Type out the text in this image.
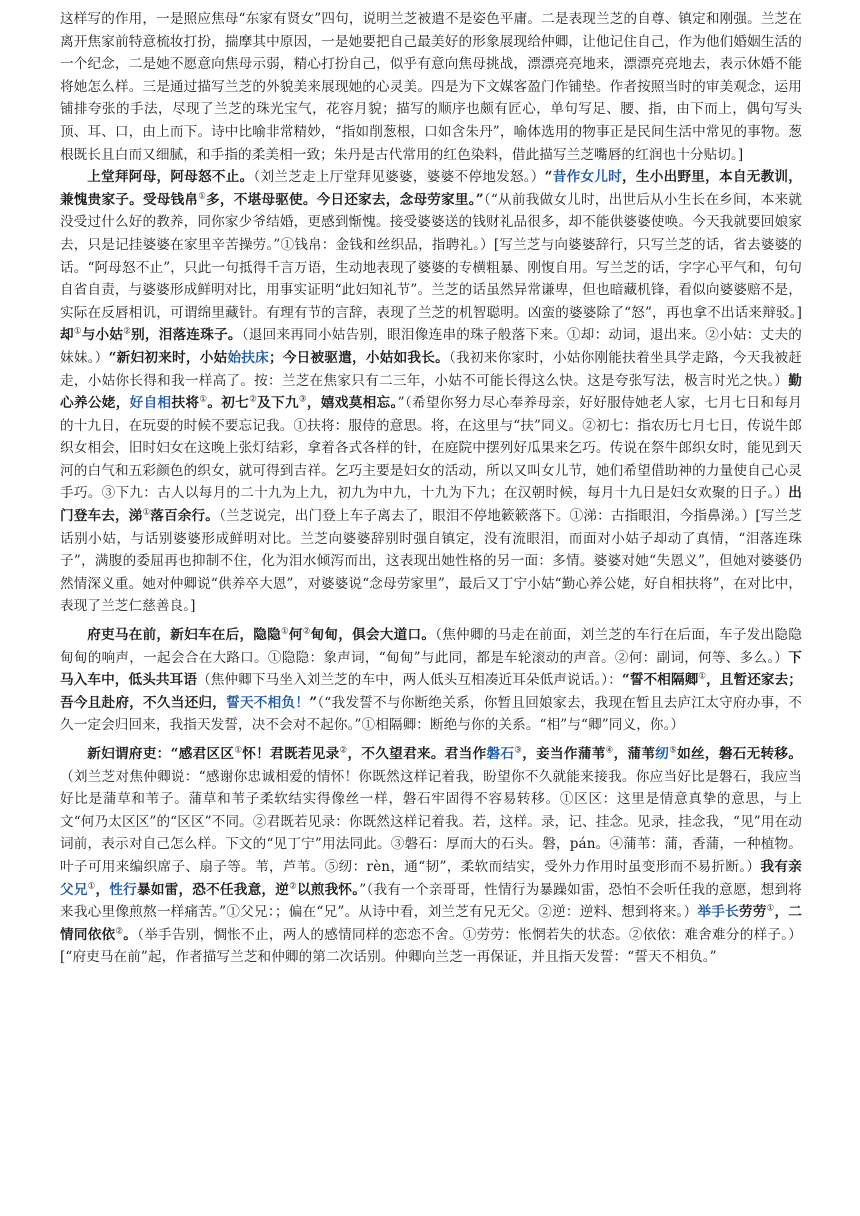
这样写的作用，一是照应焦母“东家有贤女”四句，说明兰芝被遣不是姿色平庸。二是表现兰芝的自尊、镇定和刚强。兰芝在离开焦家前特意梳妆打扮，揣摩其中原因，一是她要把自己最美好的形象展现给仲卿，让他记住自己，作为他们婚姻生活的一个纪念，二是她不愿意向焦母示弱，精心打扮自己，似乎有意向焦母挑战，漂漂亮亮地来，漂漂亮亮地去，表示休婚不能将她怎么样。三是通过描写兰芝的外貌美来展现她的心灵美。四是为下文媒客盈门作铺垫。作者按照当时的审美观念，运用铺排夸张的手法，尽现了兰芝的珠光宝气，花容月貌；描写的顺序也颇有匠心，单句写足、腰、指，由下而上，偶句写头顶、耳、口，由上而下。诗中比喻非常精妙，“指如削葱根，口如含朱丹”，喻体选用的物事正是民间生活中常见的事物。葱根既长且白而又细腻，和手指的柔美相一致；朱丹是古代常用的红色染料，借此描写兰芝嘴唇的红润也十分贴切。]

上堂拜阿母，阿母怒不止。（刘兰芝走上厅堂拜见婆婆，婆婆不停地发怒。）“昔作女儿时，生小出野里，本自无教训，兼愧贵家子。受母钱帛①多，不堪母驱使。今日还家去，念母劳家里。”（“从前我做女儿时，出世后从小生长在乡间，本来就没受过什么好的教养，同你家少爷结婚，更感到惭愧。接受婆婆送的钱财礼品很多，却不能供婆婆使唤。今天我就要回娘家去，只是记挂婆婆在家里辛苦操劳。”①钱帛：金钱和丝织品，指聘礼。）[写兰芝与向婆婆辞行，只写兰芝的话，省去婆婆的话。“阿母怒不止”，只此一句抵得千言万语，生动地表现了婆婆的专横粗暴、刚愎自用。写兰芝的话，字字心平气和，句句自省自责，与婆婆形成鲜明对比，用事实证明“此妇知礼节”。兰芝的话虽然异常谦卑，但也暗藏机锋，看似向婆婆赔不是，实际在反唇相讥，可谓绵里藏针。有理有节的言辞，表现了兰芝的机智聪明。凶蛮的婆婆除了“怒”，再也拿不出话来辩驳。]却①与小姑②别，泪落连珠子。（退回来再同小姑告别，眼泪像连串的珠子般落下来。①却：动词，退出来。②小姑：丈夫的妹妹。）“新妇初来时，小姑始扶床；今日被驱遣，小姑如我长。（我初来你家时，小姑你刚能扶着坐具学走路，今天我被赶走，小姑你长得和我一样高了。按：兰芝在焦家只有二三年，小姑不可能长得这么快。这是夸张写法，极言时光之快。）勤心养公姥，好自相扶将①。初七②及下九③，嬉戏莫相忘。”（希望你努力尽心奉养母亲，好好服侍她老人家，七月七日和每月的十九日，在玩耍的时候不要忘记我。①扶将：服侍的意思。将，在这里与“扶”同义。②初七：指农历七月七日，传说牛郎织女相会，旧时妇女在这晚上张灯结彩，拿着各式各样的针，在庭院中摆列好瓜果来乞巧。传说在祭牛郎织女时，能见到天河的白气和五彩颜色的织女，就可得到吉祥。乞巧主要是妇女的活动，所以又叫女儿节，她们希望借助神的力量使自己心灵手巧。③下九：古人以每月的二十九为上九，初九为中九，十九为下九；在汉朝时候，每月十九日是妇女欢聚的日子。）出门登车去，涕①落百余行。（兰芝说完，出门登上车子离去了，眼泪不停地簌簌落下。①涕：古指眼泪，今指鼻涕。）[写兰芝话别小姑，与话别婆婆形成鲜明对比。兰芝向婆婆辞别时强自镇定，没有流眼泪，而面对小姑子却动了真情，“泪落连珠子”，满腹的委屈再也抑制不住，化为泪水倾泻而出，这表现出她性格的另一面：多情。婆婆对她“失恩义”，但她对婆婆仍然情深义重。她对仲卿说“供养卒大恩”，对婆婆说“念母劳家里”，最后又丁宁小姑“勤心养公姥，好自相扶将”，在对比中，表现了兰芝仁慈善良。]

府吏马在前，新妇车在后，隐隐①何②甸甸，俱会大道口。（焦仲卿的马走在前面，刘兰芝的车行在后面，车子发出隐隐甸甸的响声，一起会合在大路口。①隐隐：象声词，“甸甸”与此同，都是车轮滚动的声音。②何：副词，何等、多么。）下马入车中，低头共耳语（焦仲卿下马坐入刘兰芝的车中，两人低头互相凑近耳朵低声说话。）：“誓不相隔卿①，且暂还家去；吾今且赴府，不久当还归，誓天不相负！”（“我发誓不与你断绝关系，你暂且回娘家去，我现在暂且去庐江太守府办事，不久一定会归回来，我指天发誓，决不会对不起你。”①相隔卿：断绝与你的关系。“相”与“卿”同义，你。）

新妇谓府吏：“感君区区①怀！君既若见录②，不久望君来。君当作磐石③，妾当作蒲苇④，蒲苇纫⑤如丝，磐石无转移。（刘兰芝对焦仲卿说：“感谢你忠诚相爱的情怀！你既然这样记着我，盼望你不久就能来接我。你应当好比是磐石，我应当好比是蒲草和苇子。蒲草和苇子柔软结实得像丝一样，磐石牢固得不容易转移。①区区：这里是情意真挚的意思，与上文“何乃太区区”的“区区”不同。②君既若见录：你既然这样记着我。若，这样。录，记、挂念。见录，挂念我，“见”用在动词前，表示对自己怎么样。下文的“见丁宁”用法同此。③磐石：厚而大的石头。磐，pán。④蒲苇：蒲，香蒲，一种植物。叶子可用来编织席子、扇子等。苇，芦苇。⑤纫：rèn，通“韧”，柔软而结实，受外力作用时虽变形而不易折断。）我有亲父兄①，性行暴如雷，恐不任我意，逆②以煎我怀。”（我有一个亲哥哥，性情行为暴躁如雷，恐怕不会听任我的意愿，想到将来我心里像煎熬一样痛苦。”①父兄：；偏在“兄”。从诗中看，刘兰芝有兄无父。②逆：逆料、想到将来。）举手长劳劳①，二情同依依②。（举手告别，惆怅不止，两人的感情同样的恋恋不舍。①劳劳：怅惘若失的状态。②依依：难舍难分的样子。）[“府吏马在前”起，作者描写兰芝和仲卿的第二次话别。仲卿向兰芝一再保证，并且指天发誓：“誓天不相负。”
